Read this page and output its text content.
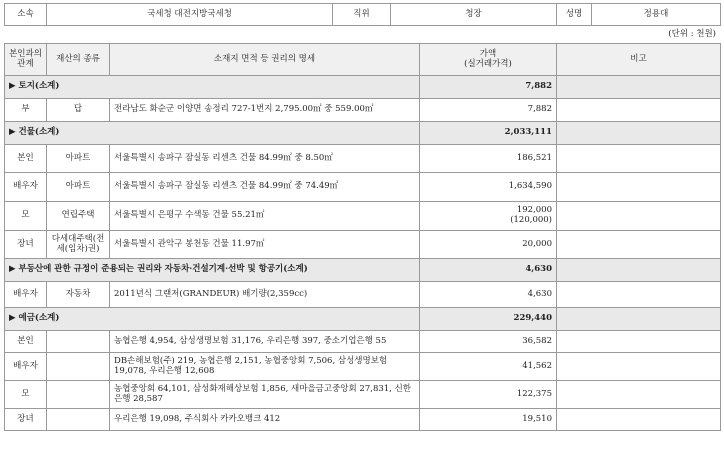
소속	국세청 대전지방국세청	직위	청장	성명	정용대
(단위 : 천원)
본인과의
관계	재산의 종류	소재지 면적 등 권리의 명세	가액
(실거래가격)	비고
▶ 토지(소계)			7,882	
부	답	전라남도 화순군 이양면 송정리 727-1번지 2,795.00㎡ 중 559.00㎡	7,882	

▶ 건물(소계)			2,033,111	
본인	아파트	서울특별시 송파구 잠실동 리센츠 건물 84.99㎡ 중 8.50㎡	186,521	

배우자	아파트	서울특별시 송파구 잠실동 리센츠 건물 84.99㎡ 중 74.49㎡	1,634,590	

모	연립주택	서울특별시 은평구 수색동 건물 55.21㎡	192,000
(120,000)	

장녀	다세대주택(전세(임차)권)	서울특별시 관악구 봉천동 건물 11.97㎡	20,000	

▶ 부동산에 관한 규정이 준용되는 권리와 자동차·건설기계·선박 및 항공기(소계)			4,630	
배우자	자동차	2011년식 그랜저(GRANDEUR) 배기량(2,359cc)	4,630	

▶ 예금(소계)			229,440	
본인		농협은행 4,954, 삼성생명보험 31,176, 우리은행 397, 중소기업은행 55	36,582	

배우자		DB손해보험(주) 219, 농협은행 2,151, 농협중앙회 7,506, 삼성생명보험 19,078, 우리은행 12,608	41,562	

모		농협중앙회 64,101, 삼성화재해상보험 1,856, 새마을금고중앙회 27,831, 신한은행 28,587	122,375	

장녀		우리은행 19,098, 주식회사 카카오뱅크 412	19,510	
